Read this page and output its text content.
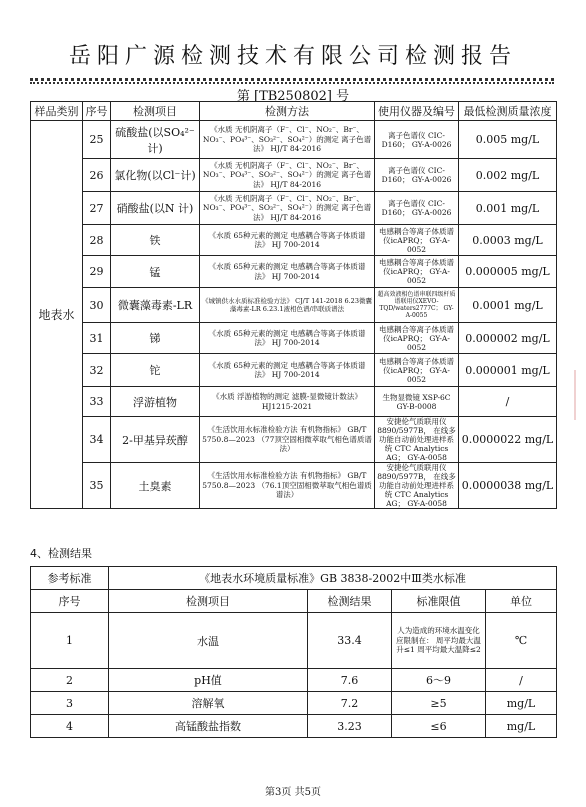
岳阳广源检测技术有限公司检测报告
第 [TB250802] 号
样品类别	序号	检测项目	检测方法	使用仪器及编号	最低检测质量浓度
地表水	25	硫酸盐(以SO₄²⁻计)	《水质 无机阴离子（F⁻、Cl⁻、NO₂⁻、Br⁻、NO₃⁻、PO₄³⁻、SO₃²⁻、SO₄²⁻）的测定 离子色谱法》 HJ/T 84-2016	离子色谱仪 CIC-D160； GY-A-0026	0.005 mg/L
	26	氯化物(以Cl⁻计)	《水质 无机阴离子（F⁻、Cl⁻、NO₂⁻、Br⁻、NO₃⁻、PO₄³⁻、SO₃²⁻、SO₄²⁻）的测定 离子色谱法》 HJ/T 84-2016	离子色谱仪 CIC-D160； GY-A-0026	0.002 mg/L
	27	硝酸盐(以N 计)	《水质 无机阴离子（F⁻、Cl⁻、NO₂⁻、Br⁻、NO₃⁻、PO₄³⁻、SO₃²⁻、SO₄²⁻）的测定 离子色谱法》 HJ/T 84-2016	离子色谱仪 CIC-D160； GY-A-0026	0.001 mg/L
	28	铁	《水质 65种元素的测定 电感耦合等离子体质谱法》 HJ 700-2014	电感耦合等离子体质谱 仪icAPRQ； GY-A-0052	0.0003 mg/L
	29	锰	《水质 65种元素的测定 电感耦合等离子体质谱法》 HJ 700-2014	电感耦合等离子体质谱 仪icAPRQ； GY-A-0052	0.000005 mg/L
	30	微囊藻毒素-LR	《城镇供水水质标准检验方法》 CJ/T 141-2018 6.23微囊藻毒素-LR 6.23.1液相色谱/串联质谱法	超高效液相色谱串联四级杆质谱联用仪XEVO-TQD/waters2777C； GY-A-0055	0.0001 mg/L
	31	锑	《水质 65种元素的测定 电感耦合等离子体质谱法》 HJ 700-2014	电感耦合等离子体质谱 仪icAPRQ； GY-A-0052	0.000002 mg/L
	32	铊	《水质 65种元素的测定 电感耦合等离子体质谱法》 HJ 700-2014	电感耦合等离子体质谱 仪icAPRQ； GY-A-0052	0.000001 mg/L
	33	浮游植物	《水质 浮游植物的测定 滤膜-显微镜计数法》 HJ1215-2021	生物显微镜 XSP-6C GY-B-0008	/
	34	2-甲基异莰醇	《生活饮用水标准检验方法 有机物指标》 GB/T 5750.8—2023 （77顶空固相微萃取气相色谱质谱法）	安捷伦气质联用仪 8890/5977B， 在线多功能自动前处理进样系统 CTC Analytics AG； GY-A-0058	0.0000022 mg/L
	35	土臭素	《生活饮用水标准检验方法 有机物指标》 GB/T 5750.8—2023 （76.1顶空固相微萃取气相色谱质谱法）	安捷伦气质联用仪 8890/5977B， 在线多功能自动前处理进样系统 CTC Analytics AG； GY-A-0058	0.0000038 mg/L
4、检测结果
参考标准	《地表水环境质量标准》GB 3838-2002中Ⅲ类水标准			
序号	检测项目	检测结果	标准限值	单位
1	水温	33.4	人为造成的环境水温变化应限制在： 周平均最大温升≤1 周平均最大温降≤2	℃
2	pH值	7.6	6～9	/
3	溶解氧	7.2	≥5	mg/L
4	高锰酸盐指数	3.23	≤6	mg/L
第3页 共5页
